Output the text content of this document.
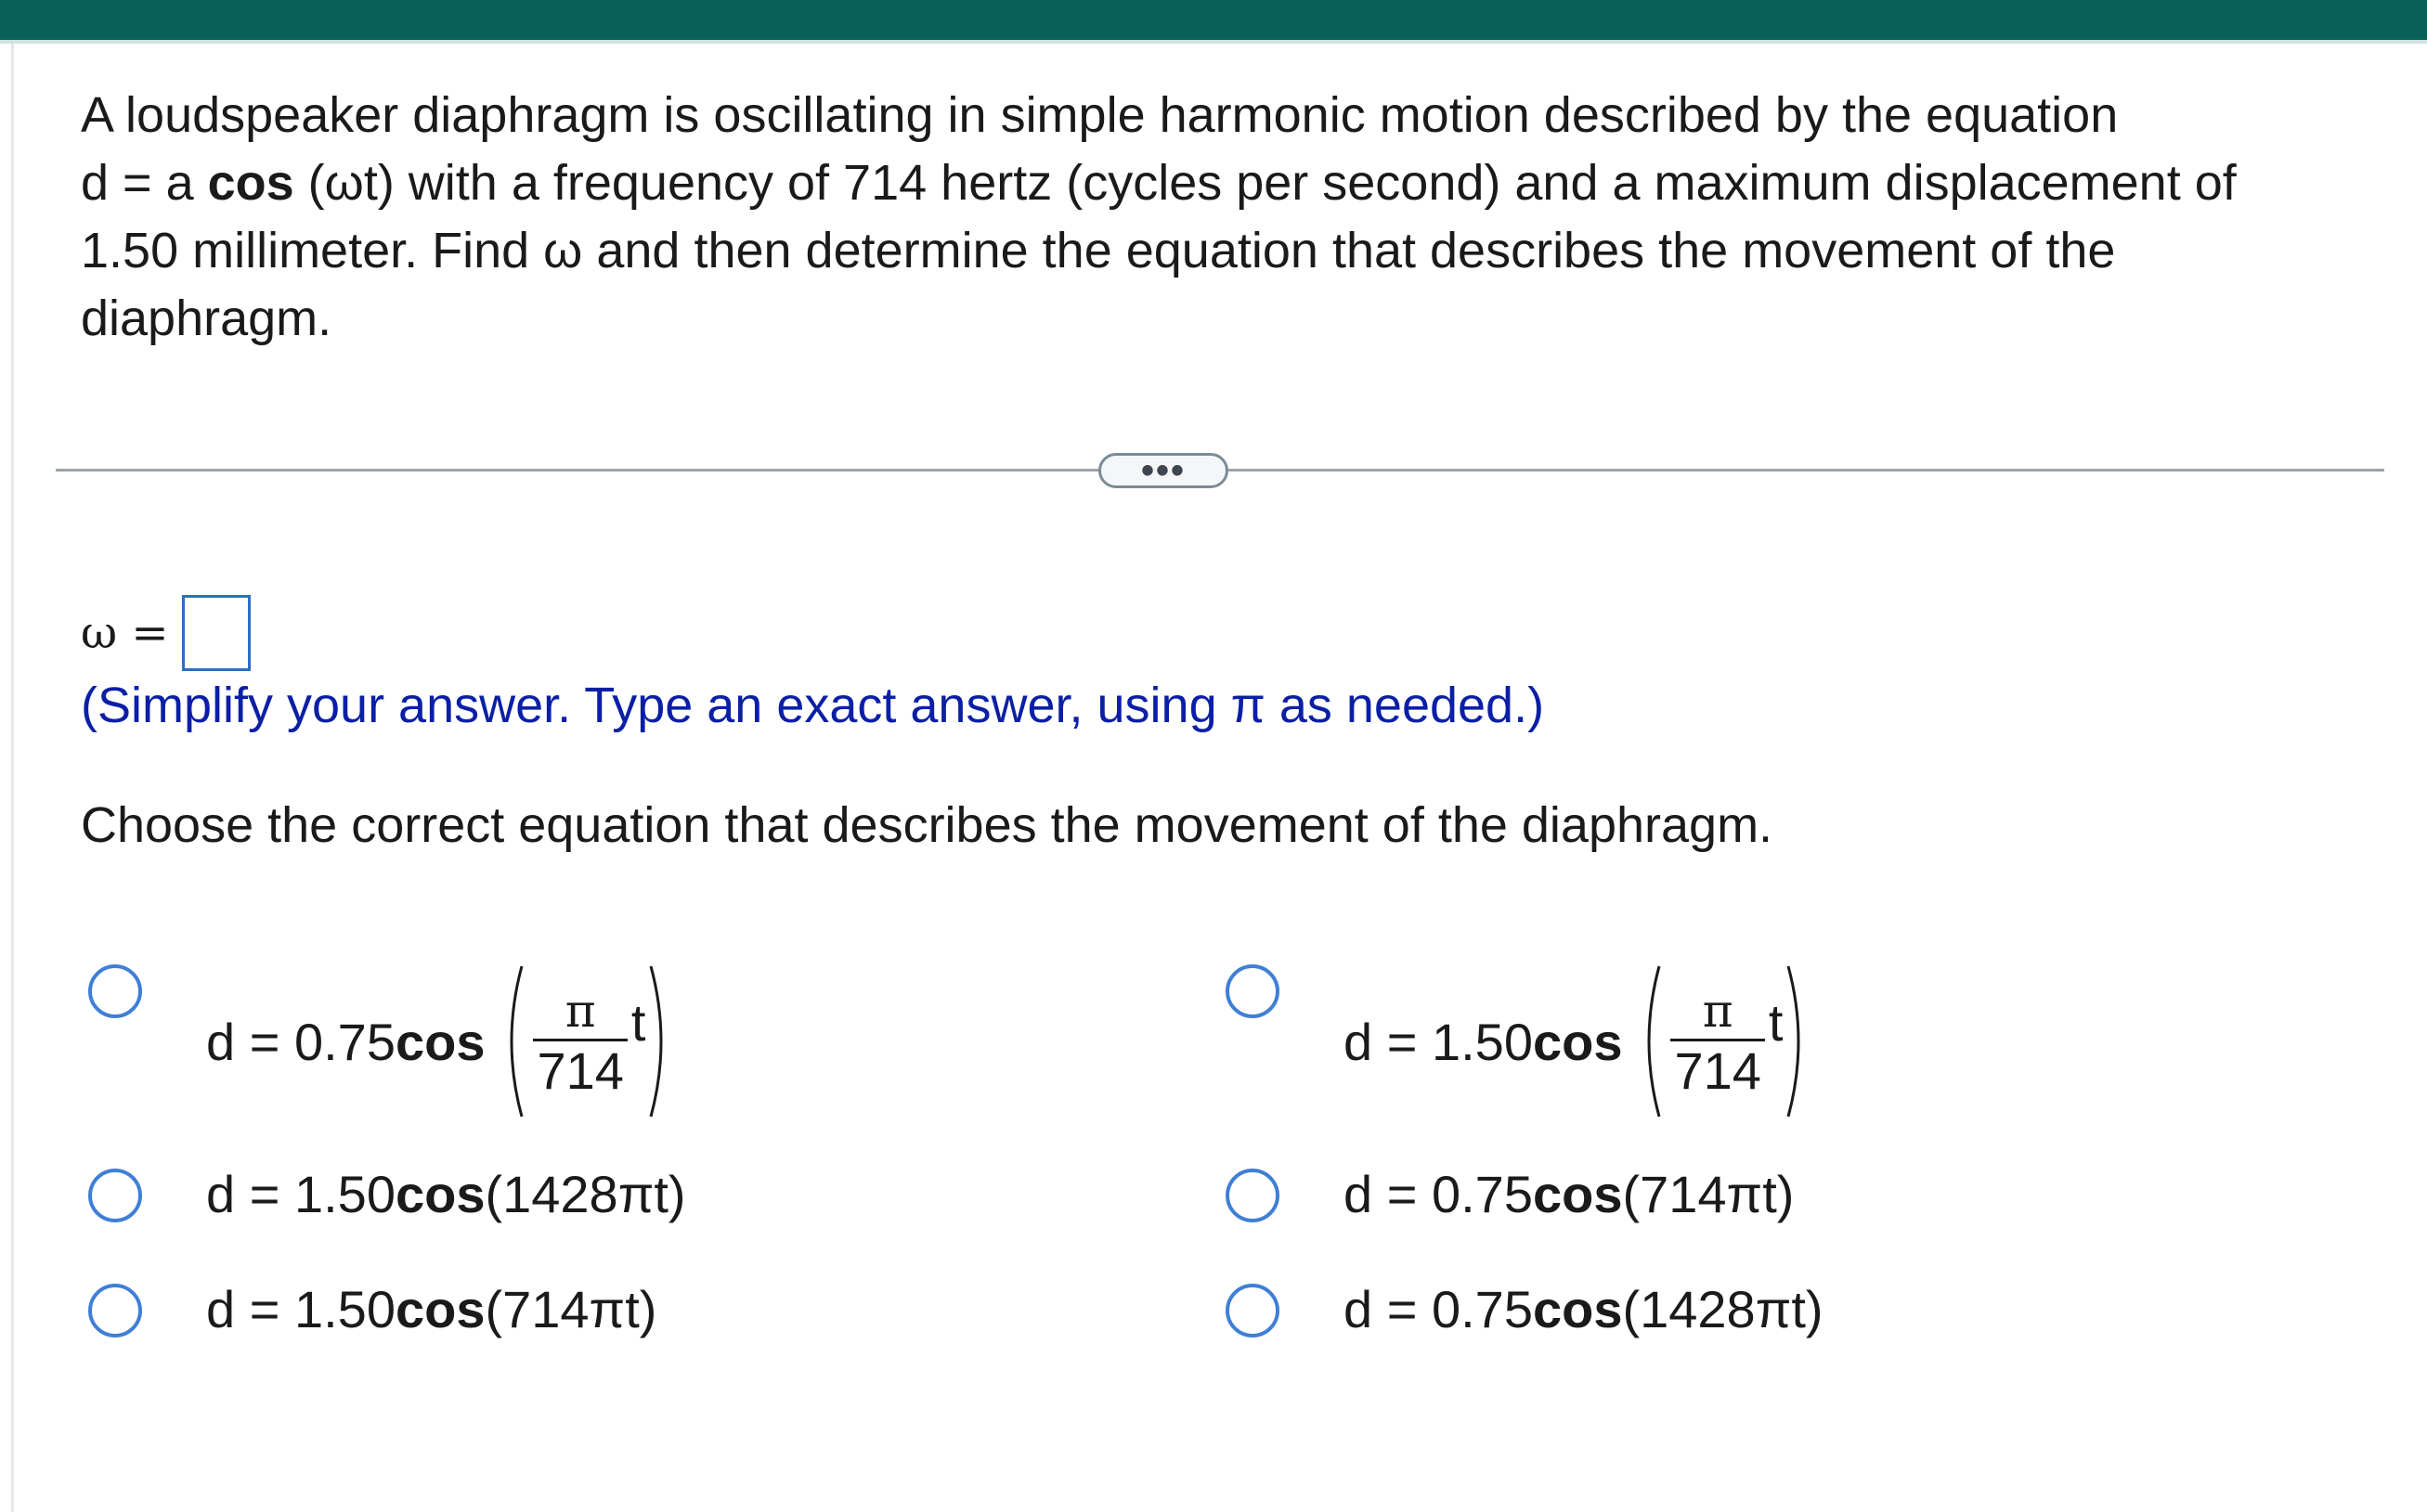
A loudspeaker diaphragm is oscillating in simple harmonic motion described by the equation
d = a cos (ωt) with a frequency of 714 hertz (cycles per second) and a maximum displacement of
1.50 millimeter. Find ω and then determine the equation that describes the movement of the
diaphragm.
•••
ω =
(Simplify your answer. Type an exact answer, using π as needed.)
Choose the correct equation that describes the movement of the diaphragm.
d = 0.75 $\cos \frac{\pi}{714}$ t	d = 1.50 $\cos \frac{\pi}{714}$ t
d = 1.50 cos (1428πt)	d = 0.75 cos (714πt)
d = 1.50 cos (714πt)	d = 0.75 cos (1428πt)
